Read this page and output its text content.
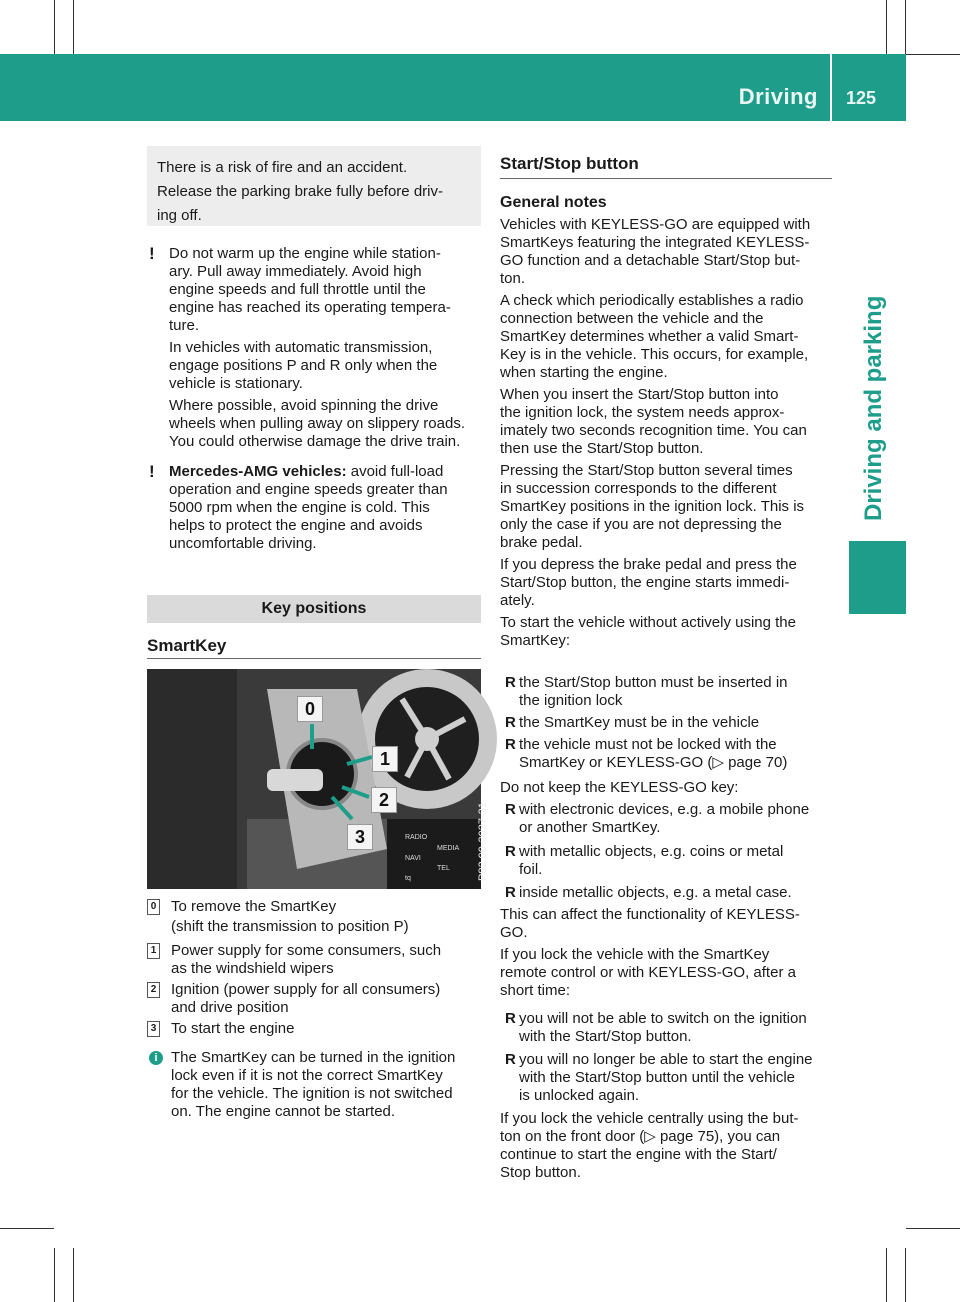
Driving 125
Driving and parking

There is a risk of fire and an accident.

Release the parking brake fully before driv-

ing off.

! Do not warm up the engine while station-
ary. Pull away immediately. Avoid high
engine speeds and full throttle until the
engine has reached its operating tempera-
ture.

In vehicles with automatic transmission,
engage positions P and R only when the
vehicle is stationary.

Where possible, avoid spinning the drive
wheels when pulling away on slippery roads.
You could otherwise damage the drive train.

! Mercedes-AMG vehicles: avoid full-load
operation and engine speeds greater than
5000 rpm when the engine is cold. This
helps to protect the engine and avoids
uncomfortable driving.

Key positions
SmartKey
0
1
2
3	RADIO
MEDIA
NAVI
TEL
tq	P82.00-3037-31
0 To remove the SmartKey
(shift the transmission to position P)
1 Power supply for some consumers, such
as the windshield wipers
2 Ignition (power supply for all consumers)
and drive position
3 To start the engine
i The SmartKey can be turned in the ignition
lock even if it is not the correct SmartKey
for the vehicle. The ignition is not switched
on. The engine cannot be started.
Start/Stop button
General notes

Vehicles with KEYLESS-GO are equipped with
SmartKeys featuring the integrated KEYLESS-
GO function and a detachable Start/Stop but-
ton.

A check which periodically establishes a radio
connection between the vehicle and the
SmartKey determines whether a valid Smart-
Key is in the vehicle. This occurs, for example,
when starting the engine.

When you insert the Start/Stop button into
the ignition lock, the system needs approx-
imately two seconds recognition time. You can
then use the Start/Stop button.

Pressing the Start/Stop button several times
in succession corresponds to the different
SmartKey positions in the ignition lock. This is
only the case if you are not depressing the
brake pedal.

If you depress the brake pedal and press the
Start/Stop button, the engine starts immedi-
ately.

To start the vehicle without actively using the
SmartKey:

R the Start/Stop button must be inserted in
the ignition lock
R the SmartKey must be in the vehicle
R the vehicle must not be locked with the
SmartKey or KEYLESS-GO (▷ page 70)
Do not keep the KEYLESS-GO key:
R with electronic devices, e.g. a mobile phone
or another SmartKey.
R with metallic objects, e.g. coins or metal
foil.
R inside metallic objects, e.g. a metal case.
This can affect the functionality of KEYLESS-
GO.
If you lock the vehicle with the SmartKey
remote control or with KEYLESS-GO, after a
short time:
R you will not be able to switch on the ignition
with the Start/Stop button.
R you will no longer be able to start the engine
with the Start/Stop button until the vehicle
is unlocked again.
If you lock the vehicle centrally using the but-
ton on the front door (▷ page 75), you can
continue to start the engine with the Start/
Stop button.
